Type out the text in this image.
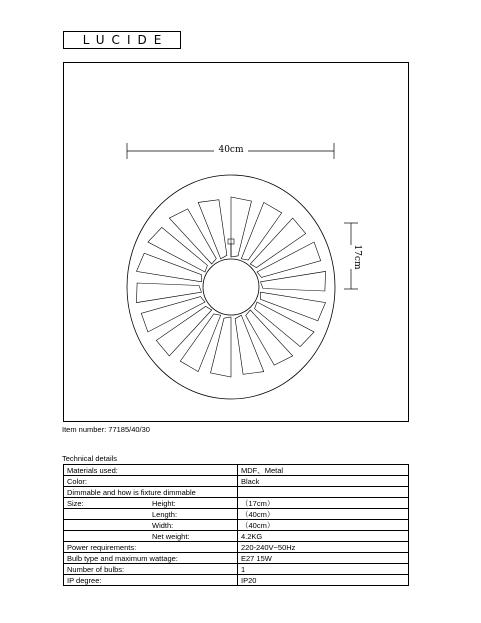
LUCIDE
40cm
17cm
Item number: 77185/40/30
Technical details
Materials used:	MDF、Metal
Color:	Black
Dimmable and how is fixture dimmable	

Size: Height:	（17cm）

Length:	（40cm）

Width:	（40cm）

Net weight:	4.2KG
Power requirements:	220-240V~50Hz
Bulb type and maximum wattage:	E27 15W
Number of bulbs:	1
IP degree:	IP20
